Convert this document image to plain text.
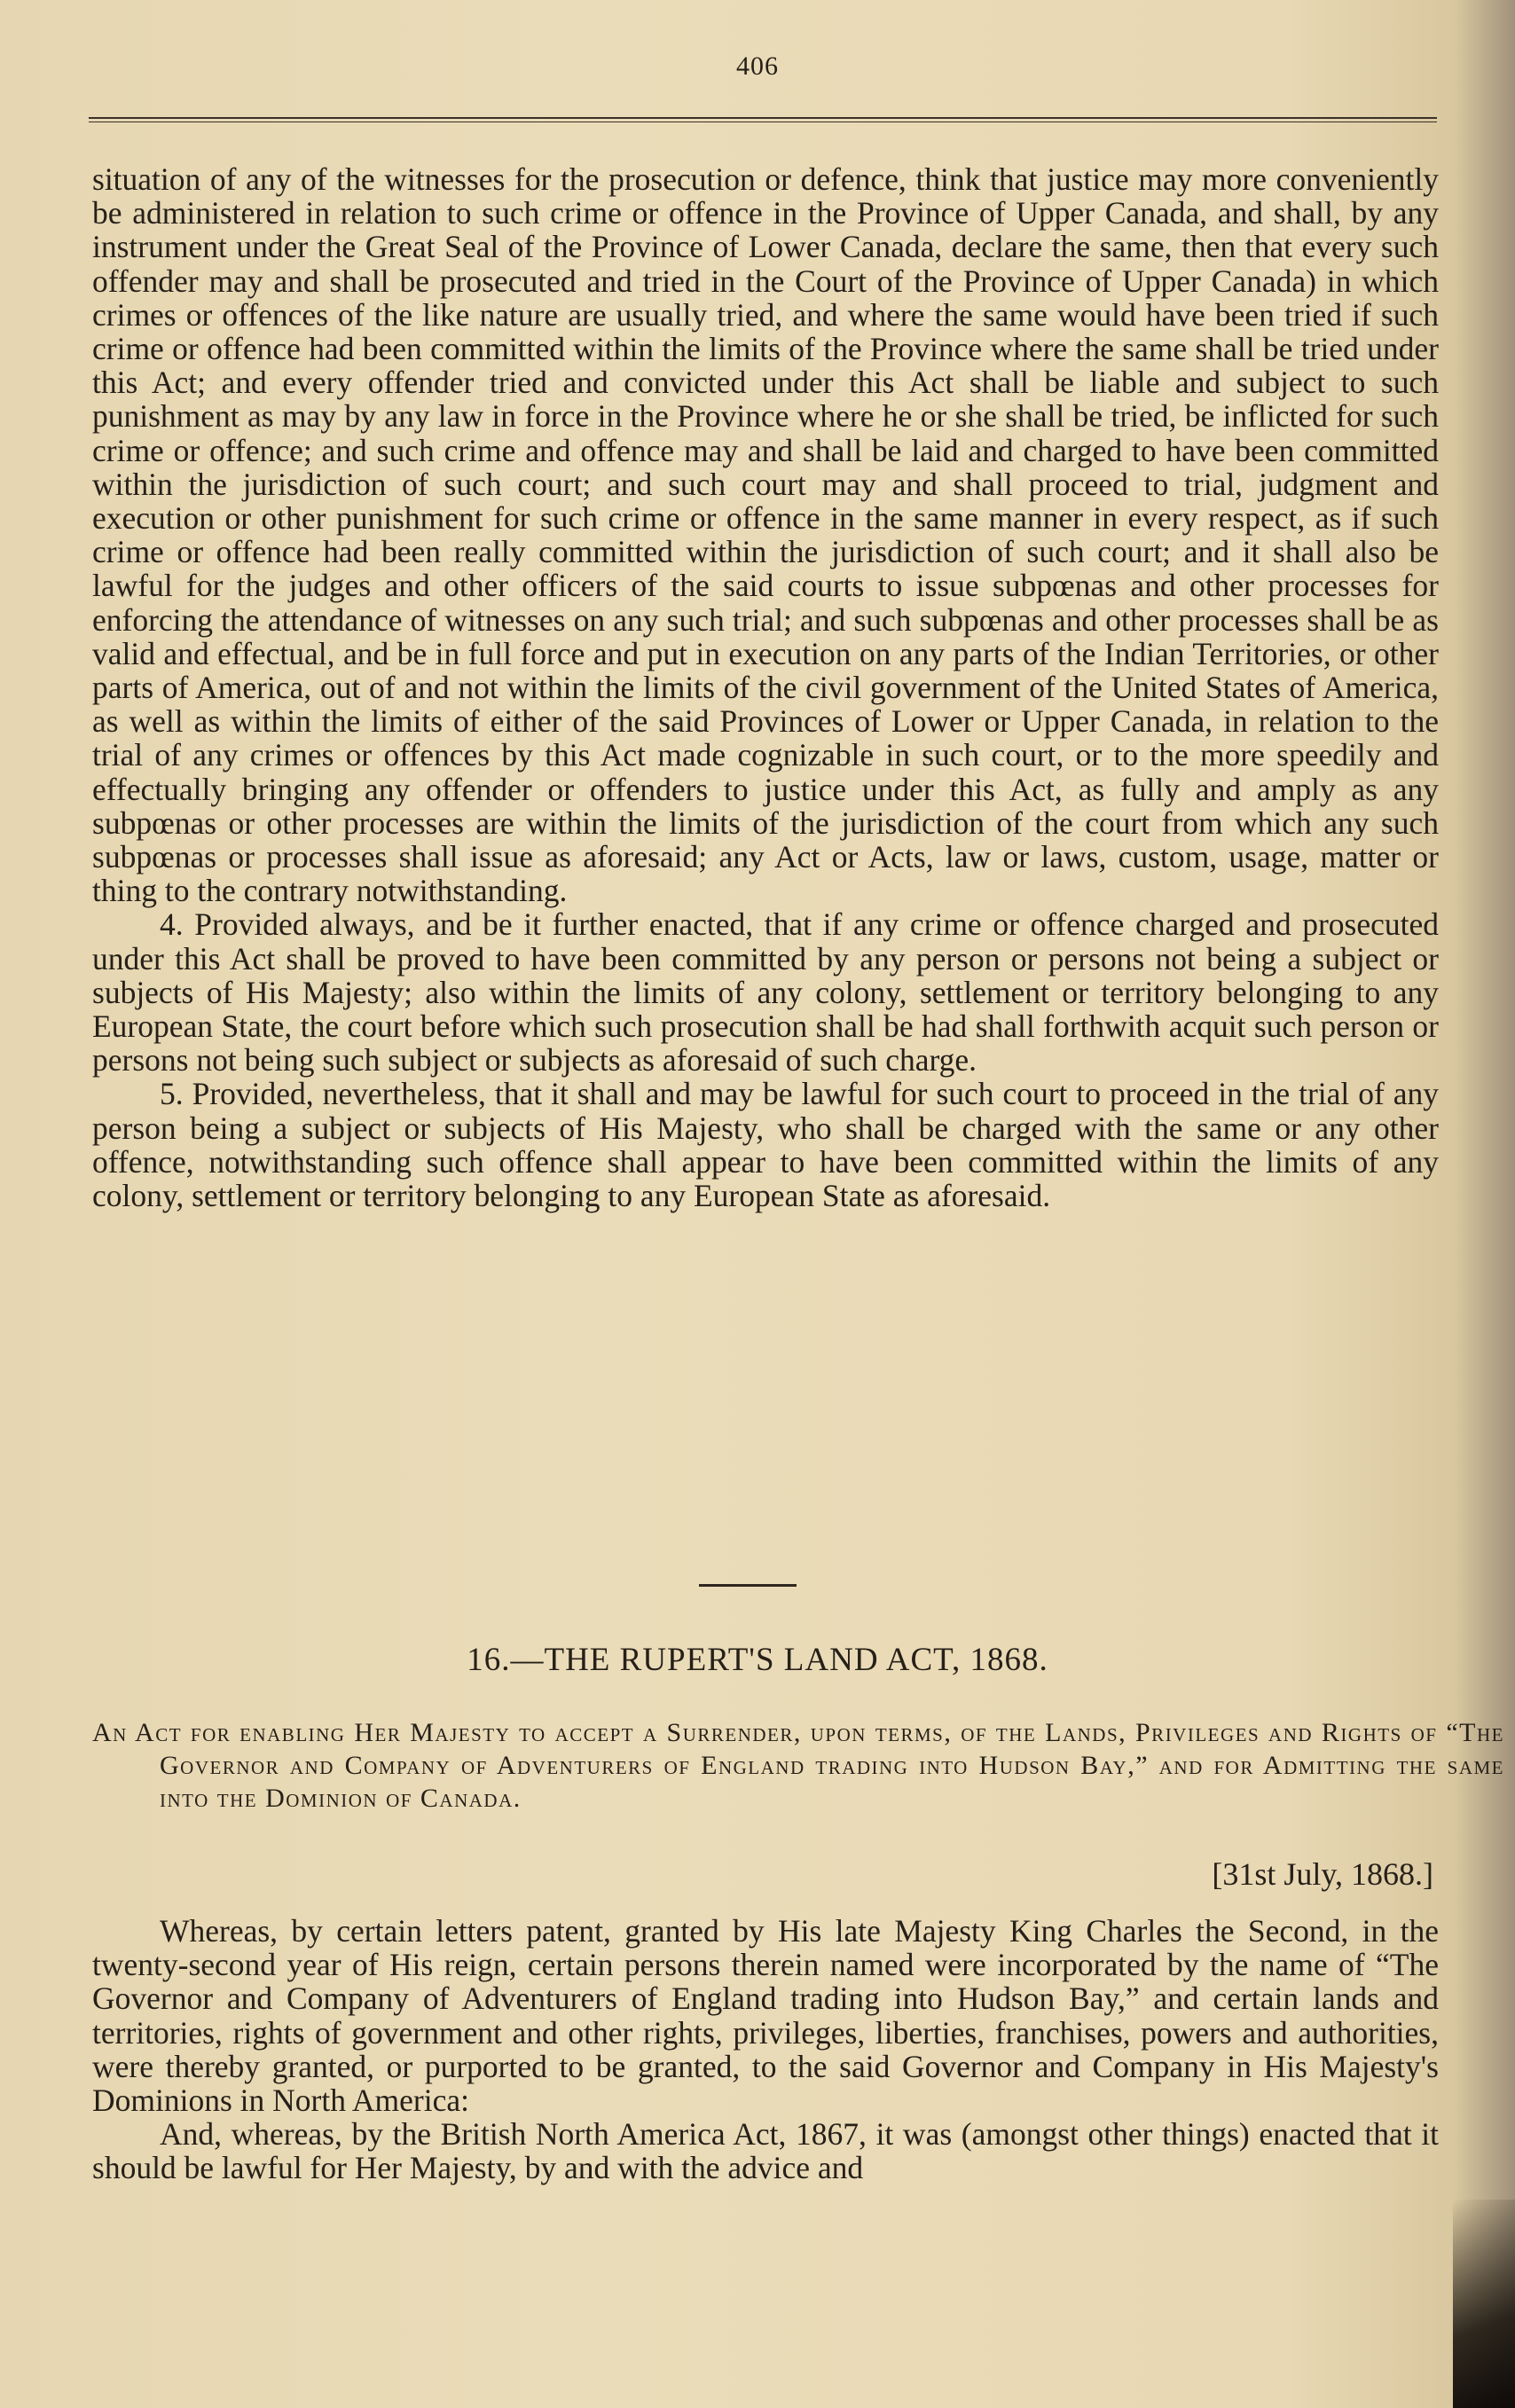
406

situation of any of the witnesses for the prosecution or defence, think that justice may more conveniently be administered in relation to such crime or offence in the Province of Upper Canada, and shall, by any instrument under the Great Seal of the Province of Lower Canada, declare the same, then that every such offender may and shall be prosecuted and tried in the Court of the Province of Upper Canada) in which crimes or offences of the like nature are usually tried, and where the same would have been tried if such crime or offence had been committed within the limits of the Province where the same shall be tried under this Act; and every offender tried and convicted under this Act shall be liable and subject to such punishment as may by any law in force in the Province where he or she shall be tried, be inflicted for such crime or offence; and such crime and offence may and shall be laid and charged to have been committed within the jurisdiction of such court; and such court may and shall proceed to trial, judgment and execution or other punishment for such crime or offence in the same manner in every respect, as if such crime or offence had been really committed within the jurisdiction of such court; and it shall also be lawful for the judges and other officers of the said courts to issue subpœnas and other processes for enforcing the attendance of witnesses on any such trial; and such subpœnas and other processes shall be as valid and effectual, and be in full force and put in execution on any parts of the Indian Territories, or other parts of America, out of and not within the limits of the civil government of the United States of America, as well as within the limits of either of the said Provinces of Lower or Upper Canada, in relation to the trial of any crimes or offences by this Act made cognizable in such court, or to the more speedily and effectually bringing any offender or offenders to justice under this Act, as fully and amply as any subpœnas or other processes are within the limits of the jurisdiction of the court from which any such subpœnas or processes shall issue as aforesaid; any Act or Acts, law or laws, custom, usage, matter or thing to the contrary notwithstanding.

4. Provided always, and be it further enacted, that if any crime or offence charged and prosecuted under this Act shall be proved to have been committed by any person or persons not being a subject or subjects of His Majesty; also within the limits of any colony, settlement or territory belonging to any European State, the court before which such prosecution shall be had shall forthwith acquit such person or persons not being such subject or subjects as aforesaid of such charge.

5. Provided, nevertheless, that it shall and may be lawful for such court to proceed in the trial of any person being a subject or subjects of His Majesty, who shall be charged with the same or any other offence, notwithstanding such offence shall appear to have been committed within the limits of any colony, settlement or territory belonging to any European State as aforesaid.

16.—THE RUPERT'S LAND ACT, 1868.
An Act for enabling Her Majesty to accept a Surrender, upon terms, of the Lands, Privileges and Rights of “The Governor and Company of Adventurers of England trading into Hudson Bay,” and for Admitting the same into the Dominion of Canada.
[31st July, 1868.]

Whereas, by certain letters patent, granted by His late Majesty King Charles the Second, in the twenty-second year of His reign, certain persons therein named were incorporated by the name of “The Governor and Company of Adventurers of England trading into Hudson Bay,” and certain lands and territories, rights of government and other rights, privileges, liberties, franchises, powers and authorities, were thereby granted, or purported to be granted, to the said Governor and Company in His Majesty's Dominions in North America:

And, whereas, by the British North America Act, 1867, it was (amongst other things) enacted that it should be lawful for Her Majesty, by and with the advice and
